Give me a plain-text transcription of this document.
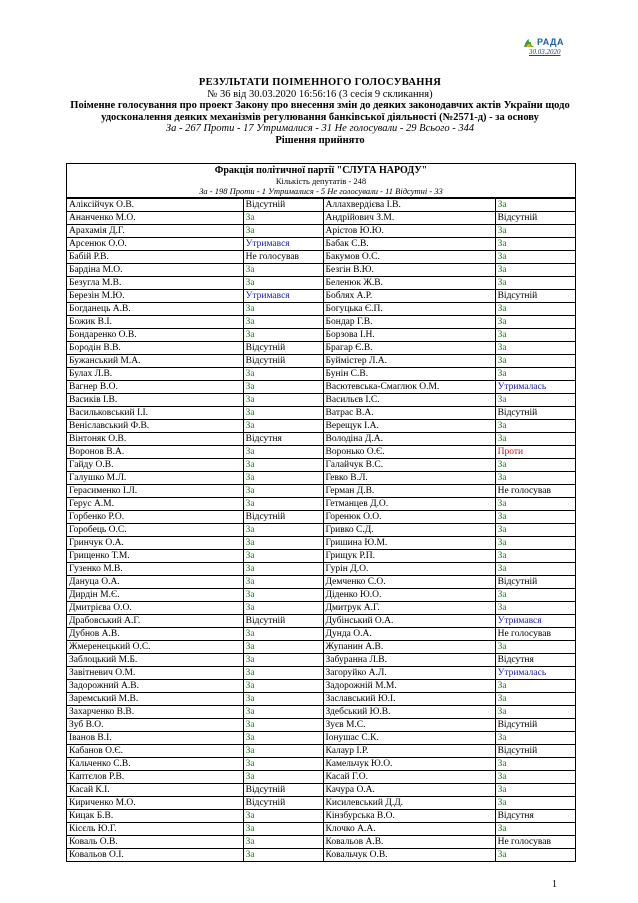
РАДА
30.03.2020
РЕЗУЛЬТАТИ ПОІМЕННОГО ГОЛОСУВАННЯ
№ 36 від 30.03.2020 16:56:16 (3 сесія 9 скликання)
Поіменне голосування про проект Закону про внесення змін до деяких законодавчих актів України щодо удосконалення деяких механізмів регулювання банківської діяльності (№2571-д) - за основу
За - 267 Проти - 17 Утрималися - 31 Не голосували - 29 Всього - 344
Рішення прийнято
Фракція політичної партії "СЛУГА НАРОДУ"
Кількість депутатів - 248
За - 198 Проти - 1 Утрималися - 5 Не голосували - 11 Відсутні - 33
Аліксійчук О.В.	Відсутній	Аллахвердієва І.В.	За
Ананченко М.О.	За	Андрійович З.М.	Відсутній
Арахамія Д.Г.	За	Арістов Ю.Ю.	За
Арсенюк О.О.	Утримався	Бабак С.В.	За
Бабій Р.В.	Не голосував	Бакумов О.С.	За
Бардіна М.О.	За	Безгін В.Ю.	За
Безугла М.В.	За	Беленюк Ж.В.	За
Березін М.Ю.	Утримався	Боблях А.Р.	Відсутній
Богданець А.В.	За	Богуцька Є.П.	За
Божик В.І.	За	Бондар Г.В.	За
Бондаренко О.В.	За	Борзова І.Н.	За
Бородін В.В.	Відсутній	Брагар Є.В.	За
Бужанський М.А.	Відсутній	Буймістер Л.А.	За
Булах Л.В.	За	Бунін С.В.	За
Вагнер В.О.	За	Васютевська-Смаглюк О.М.	Утрималась
Васиків І.В.	За	Васильєв І.С.	За
Васильковський І.І.	За	Ватрас В.А.	Відсутній
Веніславський Ф.В.	За	Верещук І.А.	За
Вінтоняк О.В.	Відсутня	Володіна Д.А.	За
Воронов В.А.	За	Воронько О.Є.	Проти
Гайду О.В.	За	Галайчук В.С.	За
Галушко М.Л.	За	Гевко В.Л.	За
Герасименко І.Л.	За	Герман Д.В.	Не голосував
Герус А.М.	За	Гетманцев Д.О.	За
Горбенко Р.О.	Відсутній	Горенюк О.О.	За
Горобець О.С.	За	Гривко С.Д.	За
Гринчук О.А.	За	Гришина Ю.М.	За
Грищенко Т.М.	За	Грищук Р.П.	За
Гузенко М.В.	За	Гурін Д.О.	За
Дануца О.А.	За	Демченко С.О.	Відсутній
Дирдін М.Є.	За	Діденко Ю.О.	За
Дмитрієва О.О.	За	Дмитрук А.Г.	За
Драбовський А.Г.	Відсутній	Дубінський О.А.	Утримався
Дубнов А.В.	За	Дунда О.А.	Не голосував
Жмеренецький О.С.	За	Жупанин А.В.	За
Заблоцький М.Б.	За	Забуранна Л.В.	Відсутня
Завітневич О.М.	За	Загоруйко А.Л.	Утрималась
Задорожний А.В.	За	Задорожній М.М.	За
Заремський М.В.	За	Заславський Ю.І.	За
Захарченко В.В.	За	Здебський Ю.В.	За
Зуб В.О.	За	Зуєв М.С.	Відсутній
Іванов В.І.	За	Іонушас С.К.	За
Кабанов О.Є.	За	Калаур І.Р.	Відсутній
Кальченко С.В.	За	Камельчук Ю.О.	За
Каптєлов Р.В.	За	Касай Г.О.	За
Касай К.І.	Відсутній	Качура О.А.	За
Кириченко М.О.	Відсутній	Кисилевський Д.Д.	За
Кицак Б.В.	За	Кінзбурська В.О.	Відсутня
Кісєль Ю.Г.	За	Клочко А.А.	За
Коваль О.В.	За	Ковальов А.В.	Не голосував
Ковальов О.І.	За	Ковальчук О.В.	За
1
